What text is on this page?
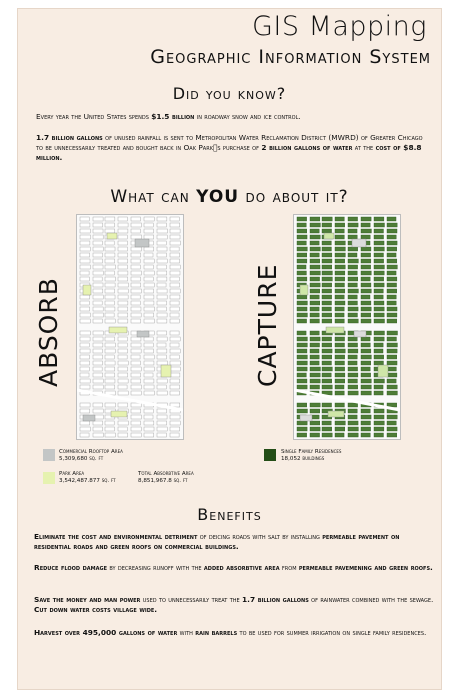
GIS Mapping
Geographic Information System
Did you know?
Every year the United States spends $1.5 billion in roadway snow and ice control.
1.7 billion gallons of unused rainfall is sent to Metropolitan Water Reclamation District (MWRD) of Greater Chicago to be unnecessarily treated and bought back in Oak Park s purchase of 2 billion gallons of water at the cost of $8.8 million.
What can YOU do about it?
ABSORB	CAPTURE
Commercial Rooftop Area
5,309,680 sq. ft
Park Area
3,542,487.877 sq. ft
Total Absorbtive Area
8,851,967.8 sq. ft
Single Family Residences
18,052 buildings
Benefits
Eliminate the cost and environmental detriment of deicing roads with salt by installing permeable pavement on residential roads and green roofs on commercial buildings.
Reduce flood damage by decreasing runoff with the added absorbtive area from permeable pavemening and green roofs.
Save the money and man power used to unnecessarily treat the 1.7 billion gallons of rainwater combined with the sewage. Cut down water costs village wide.
Harvest over 495,000 gallons of water with rain barrels to be used for summer irrigation on single family residences.
